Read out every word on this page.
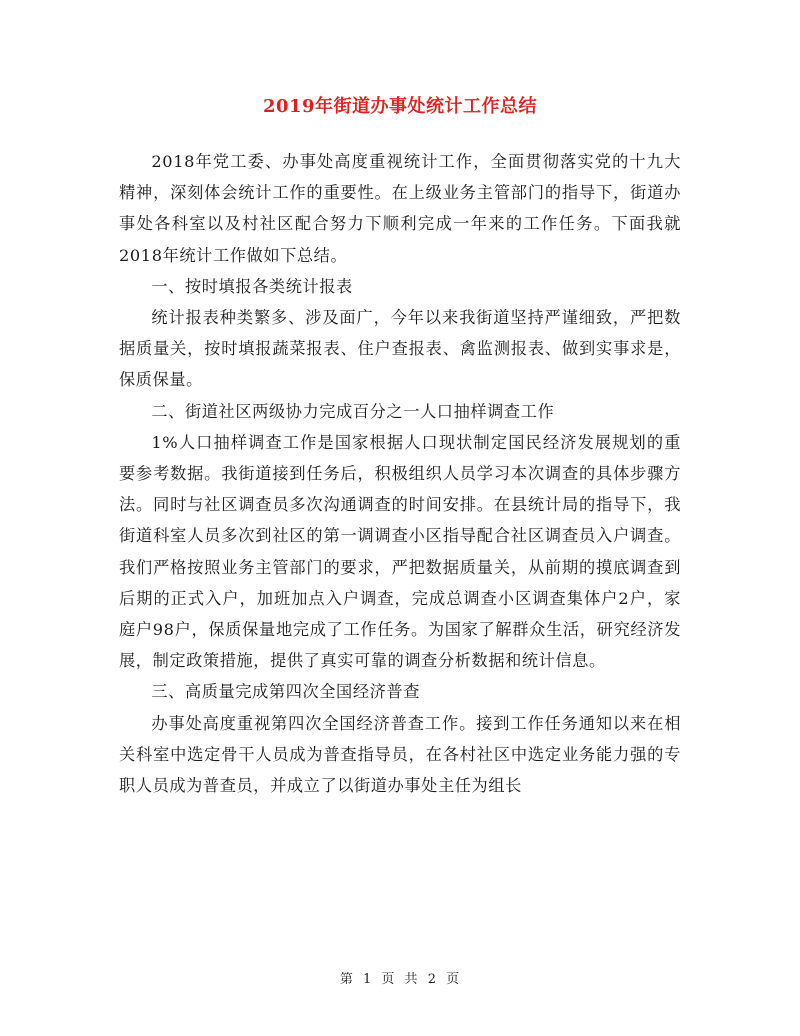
2019年街道办事处统计工作总结

2018年党工委、办事处高度重视统计工作，全面贯彻落实党的十九大精神，深刻体会统计工作的重要性。在上级业务主管部门的指导下，街道办事处各科室以及村社区配合努力下顺利完成一年来的工作任务。下面我就2018年统计工作做如下总结。

一、按时填报各类统计报表

统计报表种类繁多、涉及面广，今年以来我街道坚持严谨细致，严把数据质量关，按时填报蔬菜报表、住户查报表、禽监测报表、做到实事求是，保质保量。

二、街道社区两级协力完成百分之一人口抽样调查工作

1%人口抽样调查工作是国家根据人口现状制定国民经济发展规划的重要参考数据。我街道接到任务后，积极组织人员学习本次调查的具体步骤方法。同时与社区调查员多次沟通调查的时间安排。在县统计局的指导下，我街道科室人员多次到社区的第一调调查小区指导配合社区调查员入户调查。我们严格按照业务主管部门的要求，严把数据质量关，从前期的摸底调查到后期的正式入户，加班加点入户调查，完成总调查小区调查集体户2户，家庭户98户，保质保量地完成了工作任务。为国家了解群众生活，研究经济发展，制定政策措施，提供了真实可靠的调查分析数据和统计信息。

三、高质量完成第四次全国经济普查

办事处高度重视第四次全国经济普查工作。接到工作任务通知以来在相关科室中选定骨干人员成为普查指导员，在各村社区中选定业务能力强的专职人员成为普查员，并成立了以街道办事处主任为组长

第 1 页 共 2 页
